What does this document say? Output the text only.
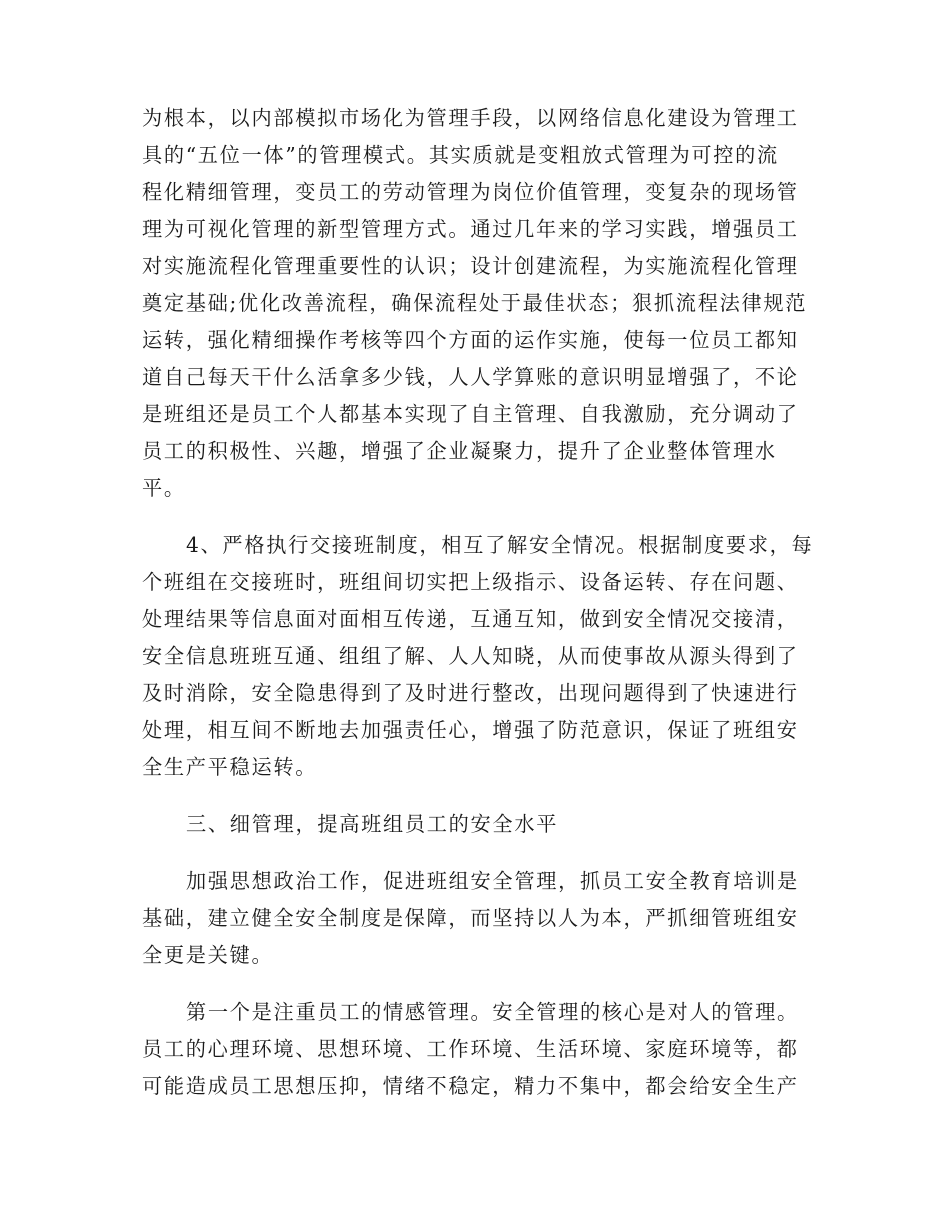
为根本，以内部模拟市场化为管理手段，以网络信息化建设为管理工
具的“五位一体”的管理模式。其实质就是变粗放式管理为可控的流
程化精细管理，变员工的劳动管理为岗位价值管理，变复杂的现场管
理为可视化管理的新型管理方式。通过几年来的学习实践，增强员工
对实施流程化管理重要性的认识；设计创建流程，为实施流程化管理
奠定基础;优化改善流程，确保流程处于最佳状态；狠抓流程法律规范
运转，强化精细操作考核等四个方面的运作实施，使每一位员工都知
道自己每天干什么活拿多少钱，人人学算账的意识明显增强了，不论
是班组还是员工个人都基本实现了自主管理、自我激励，充分调动了
员工的积极性、兴趣，增强了企业凝聚力，提升了企业整体管理水
平。
4、严格执行交接班制度，相互了解安全情况。根据制度要求，每
个班组在交接班时，班组间切实把上级指示、设备运转、存在问题、
处理结果等信息面对面相互传递，互通互知，做到安全情况交接清，
安全信息班班互通、组组了解、人人知晓，从而使事故从源头得到了
及时消除，安全隐患得到了及时进行整改，出现问题得到了快速进行
处理，相互间不断地去加强责任心，增强了防范意识，保证了班组安
全生产平稳运转。
三、细管理，提高班组员工的安全水平
加强思想政治工作，促进班组安全管理，抓员工安全教育培训是
基础，建立健全安全制度是保障，而坚持以人为本，严抓细管班组安
全更是关键。
第一个是注重员工的情感管理。安全管理的核心是对人的管理。
员工的心理环境、思想环境、工作环境、生活环境、家庭环境等，都
可能造成员工思想压抑，情绪不稳定，精力不集中，都会给安全生产
